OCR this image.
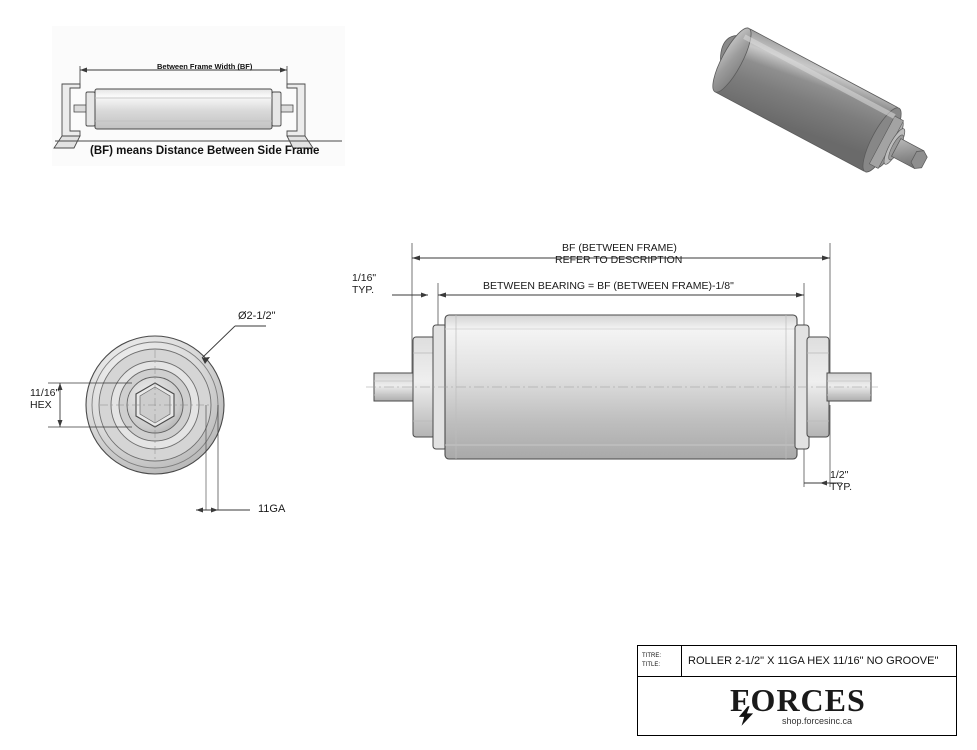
Between Frame Width (BF)
(BF) means Distance Between Side Frame
Ø2-1/2"
11/16"
HEX
11GA
BF (BETWEEN FRAME)
REFER TO DESCRIPTION
BETWEEN BEARING = BF (BETWEEN FRAME)-1/8"
1/16"
TYP.
1/2"
TYP.
TITRE:
TITLE:	ROLLER 2-1/2" X 11GA HEX 11/16" NO GROOVE"
FORCES
shop.forcesinc.ca
